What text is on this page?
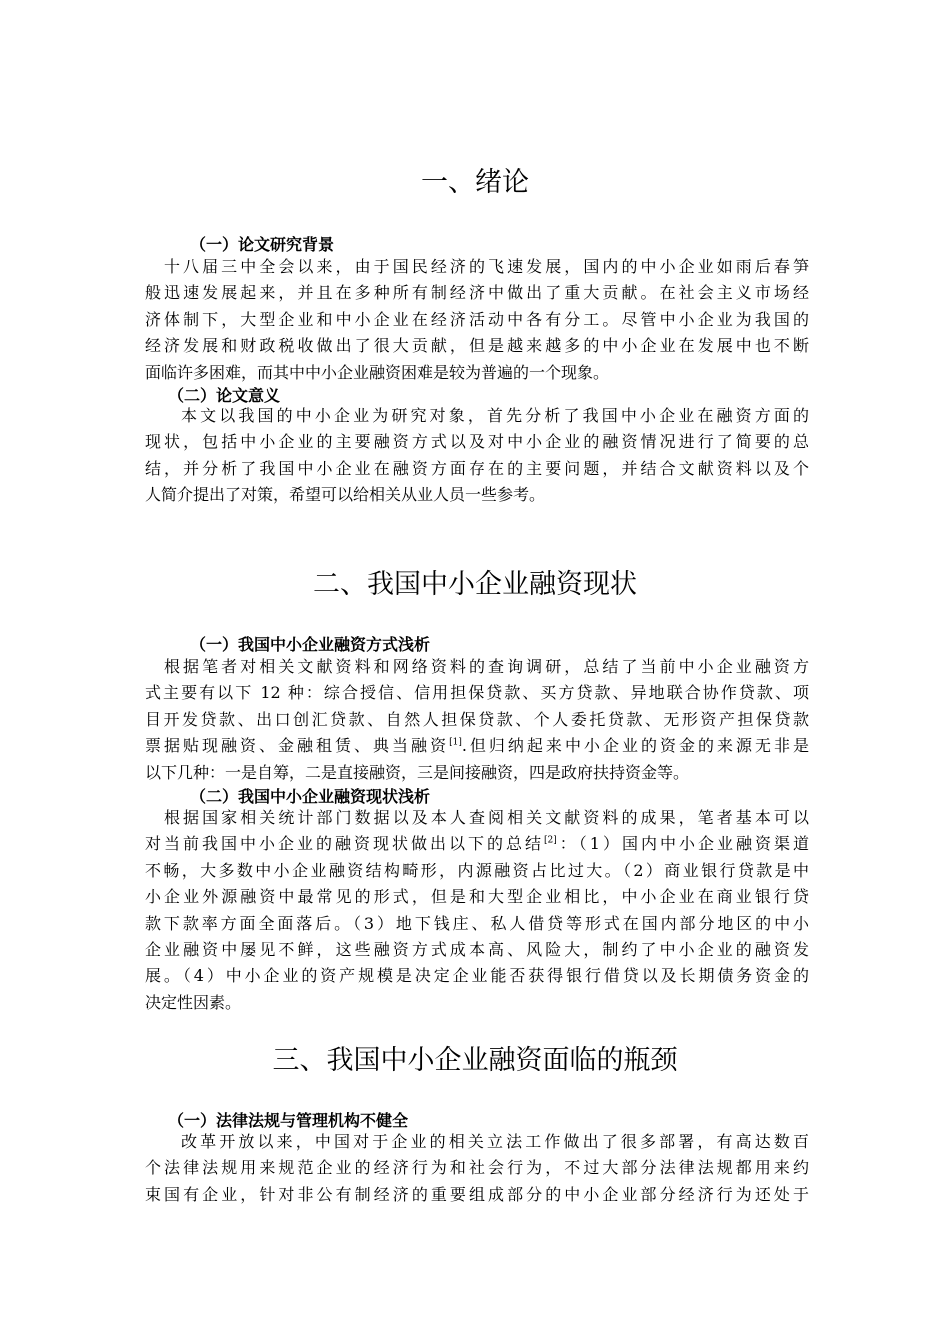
一、绪论
（一）论文研究背景
十八届三中全会以来，由于国民经济的飞速发展，国内的中小企业如雨后春笋
般迅速发展起来，并且在多种所有制经济中做出了重大贡献。在社会主义市场经
济体制下，大型企业和中小企业在经济活动中各有分工。尽管中小企业为我国的
经济发展和财政税收做出了很大贡献，但是越来越多的中小企业在发展中也不断
面临许多困难，而其中中小企业融资困难是较为普遍的一个现象。
（二）论文意义
本文以我国的中小企业为研究对象，首先分析了我国中小企业在融资方面的
现状，包括中小企业的主要融资方式以及对中小企业的融资情况进行了简要的总
结，并分析了我国中小企业在融资方面存在的主要问题，并结合文献资料以及个
人简介提出了对策，希望可以给相关从业人员一些参考。
二、我国中小企业融资现状
（一）我国中小企业融资方式浅析
根据笔者对相关文献资料和网络资料的查询调研，总结了当前中小企业融资方
式主要有以下 12 种：综合授信、信用担保贷款、买方贷款、异地联合协作贷款、项
目开发贷款、出口创汇贷款、自然人担保贷款、个人委托贷款、无形资产担保贷款
票据贴现融资、金融租赁、典当融资[1].但归纳起来中小企业的资金的来源无非是
以下几种：一是自筹，二是直接融资，三是间接融资，四是政府扶持资金等。
（二）我国中小企业融资现状浅析
根据国家相关统计部门数据以及本人查阅相关文献资料的成果，笔者基本可以
对当前我国中小企业的融资现状做出以下的总结[2]：（1）国内中小企业融资渠道
不畅，大多数中小企业融资结构畸形，内源融资占比过大。（2）商业银行贷款是中
小企业外源融资中最常见的形式，但是和大型企业相比，中小企业在商业银行贷
款下款率方面全面落后。（3）地下钱庄、私人借贷等形式在国内部分地区的中小
企业融资中屡见不鲜，这些融资方式成本高、风险大，制约了中小企业的融资发
展。（4）中小企业的资产规模是决定企业能否获得银行借贷以及长期债务资金的
决定性因素。
三、我国中小企业融资面临的瓶颈
（一）法律法规与管理机构不健全
改革开放以来，中国对于企业的相关立法工作做出了很多部署，有高达数百
个法律法规用来规范企业的经济行为和社会行为，不过大部分法律法规都用来约
束国有企业，针对非公有制经济的重要组成部分的中小企业部分经济行为还处于
